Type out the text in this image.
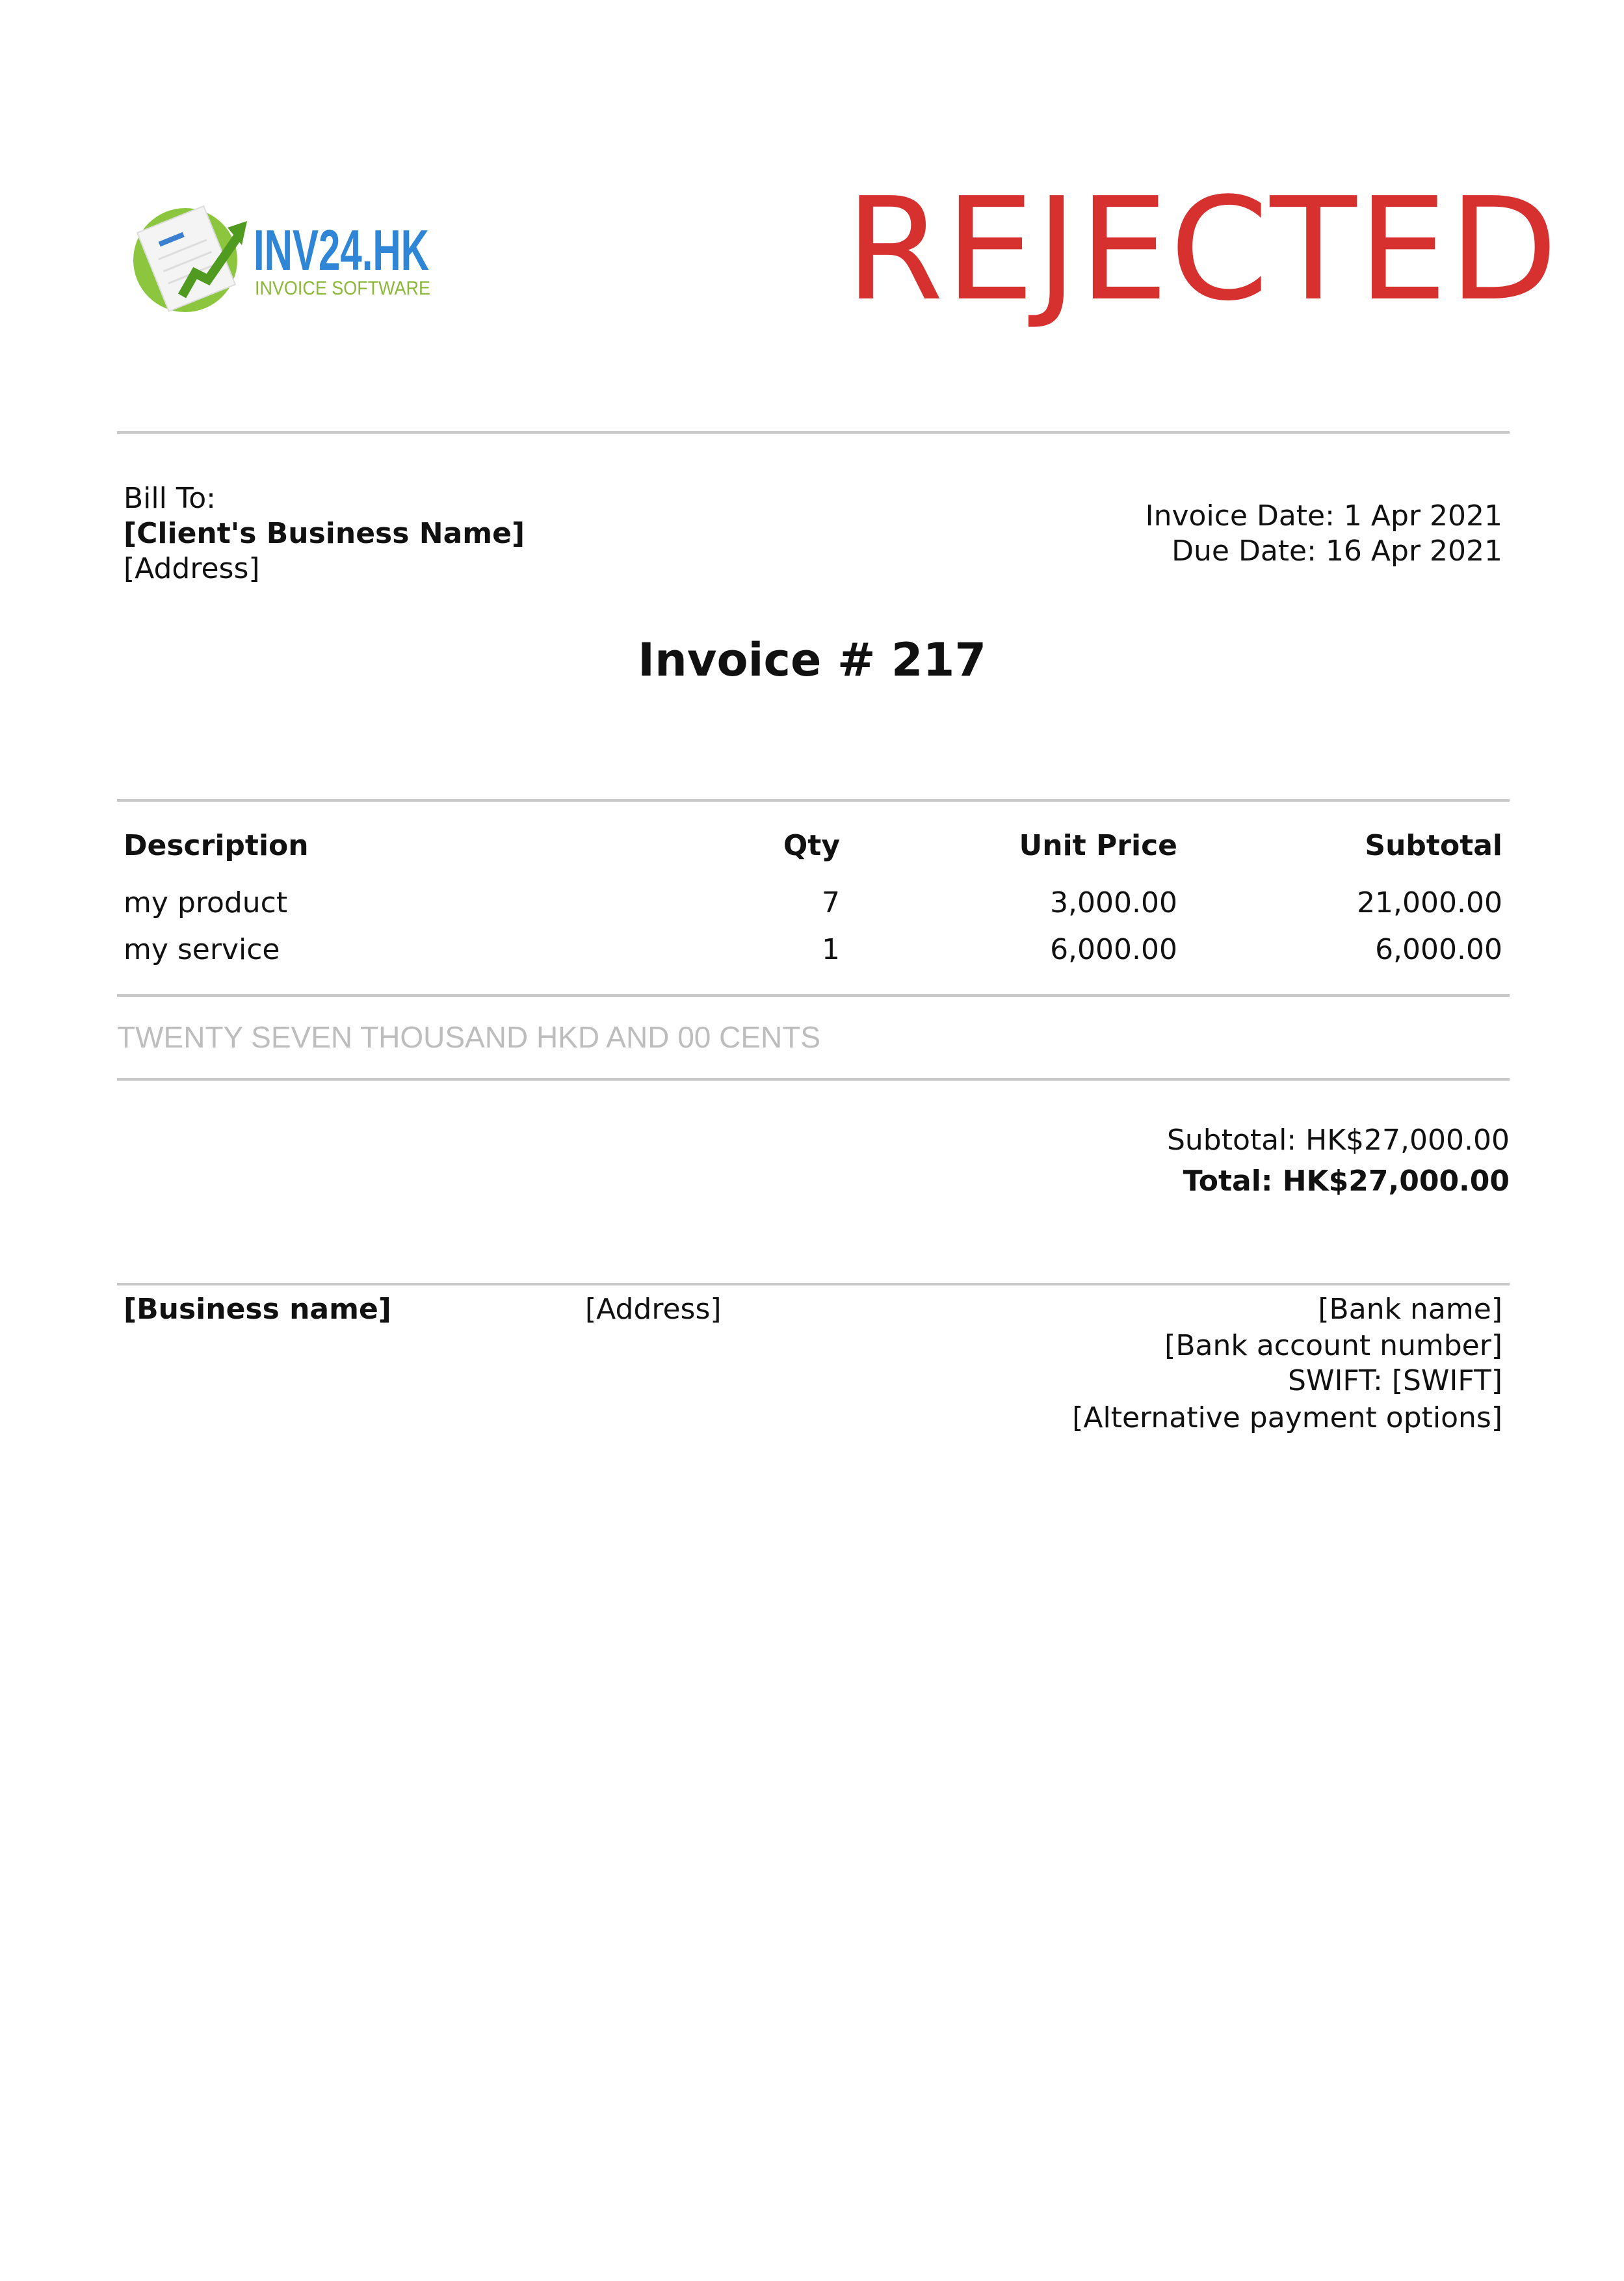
INV24.HK
INVOICE SOFTWARE	REJECTED
Bill To:
[Client's Business Name]
[Address]
Invoice Date: 1 Apr 2021
Due Date: 16 Apr 2021
Invoice # 217
Description	Qty	Unit Price	Subtotal
my product	7	3,000.00	21,000.00
my service	1	6,000.00	6,000.00
TWENTY SEVEN THOUSAND HKD AND 00 CENTS
Subtotal: HK$27,000.00
Total: HK$27,000.00
[Business name]	[Address]	[Bank name]
[Bank account number]
SWIFT: [SWIFT]
[Alternative payment options]
